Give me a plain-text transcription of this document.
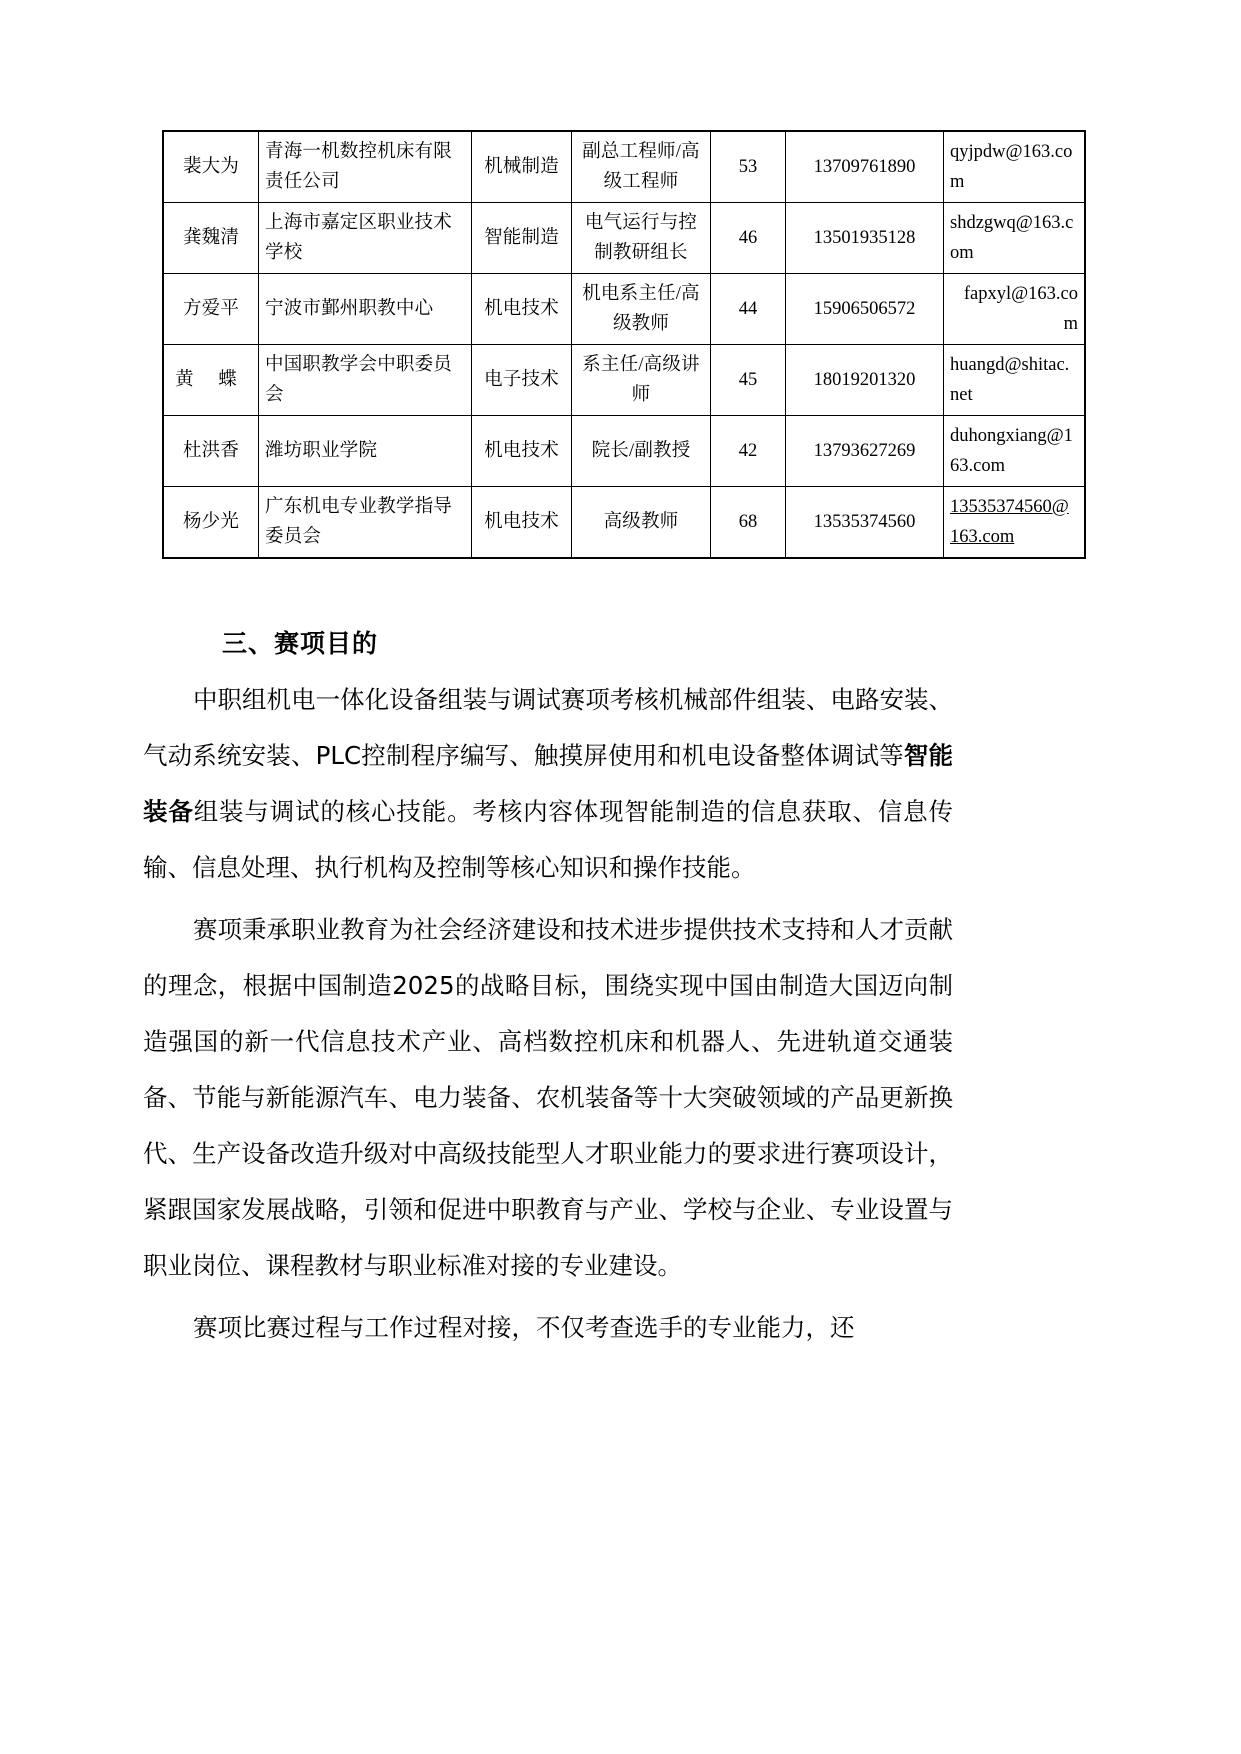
裴大为	青海一机数控机床有限责任公司	机械制造	副总工程师/高级工程师	53	13709761890	qyjpdw@163.com
龚魏清	上海市嘉定区职业技术学校	智能制造	电气运行与控制教研组长	46	13501935128	shdzgwq@163.com
方爱平	宁波市鄞州职教中心	机电技术	机电系主任/高级教师	44	15906506572	fapxyl@163.com
黄 蝶	中国职教学会中职委员会	电子技术	系主任/高级讲师	45	18019201320	huangd@shitac.net
杜洪香	潍坊职业学院	机电技术	院长/副教授	42	13793627269	duhongxiang@163.com
杨少光	广东机电专业教学指导委员会	机电技术	高级教师	68	13535374560	13535374560@163.com
三、赛项目的

中职组机电一体化设备组装与调试赛项考核机械部件组装、电路安装、气动系统安装、PLC控制程序编写、触摸屏使用和机电设备整体调试等智能装备组装与调试的核心技能。考核内容体现智能制造的信息获取、信息传输、信息处理、执行机构及控制等核心知识和操作技能。

赛项秉承职业教育为社会经济建设和技术进步提供技术支持和人才贡献的理念，根据中国制造2025的战略目标，围绕实现中国由制造大国迈向制造强国的新一代信息技术产业、高档数控机床和机器人、先进轨道交通装备、节能与新能源汽车、电力装备、农机装备等十大突破领域的产品更新换代、生产设备改造升级对中高级技能型人才职业能力的要求进行赛项设计，紧跟国家发展战略，引领和促进中职教育与产业、学校与企业、专业设置与职业岗位、课程教材与职业标准对接的专业建设。

赛项比赛过程与工作过程对接，不仅考查选手的专业能力，还
